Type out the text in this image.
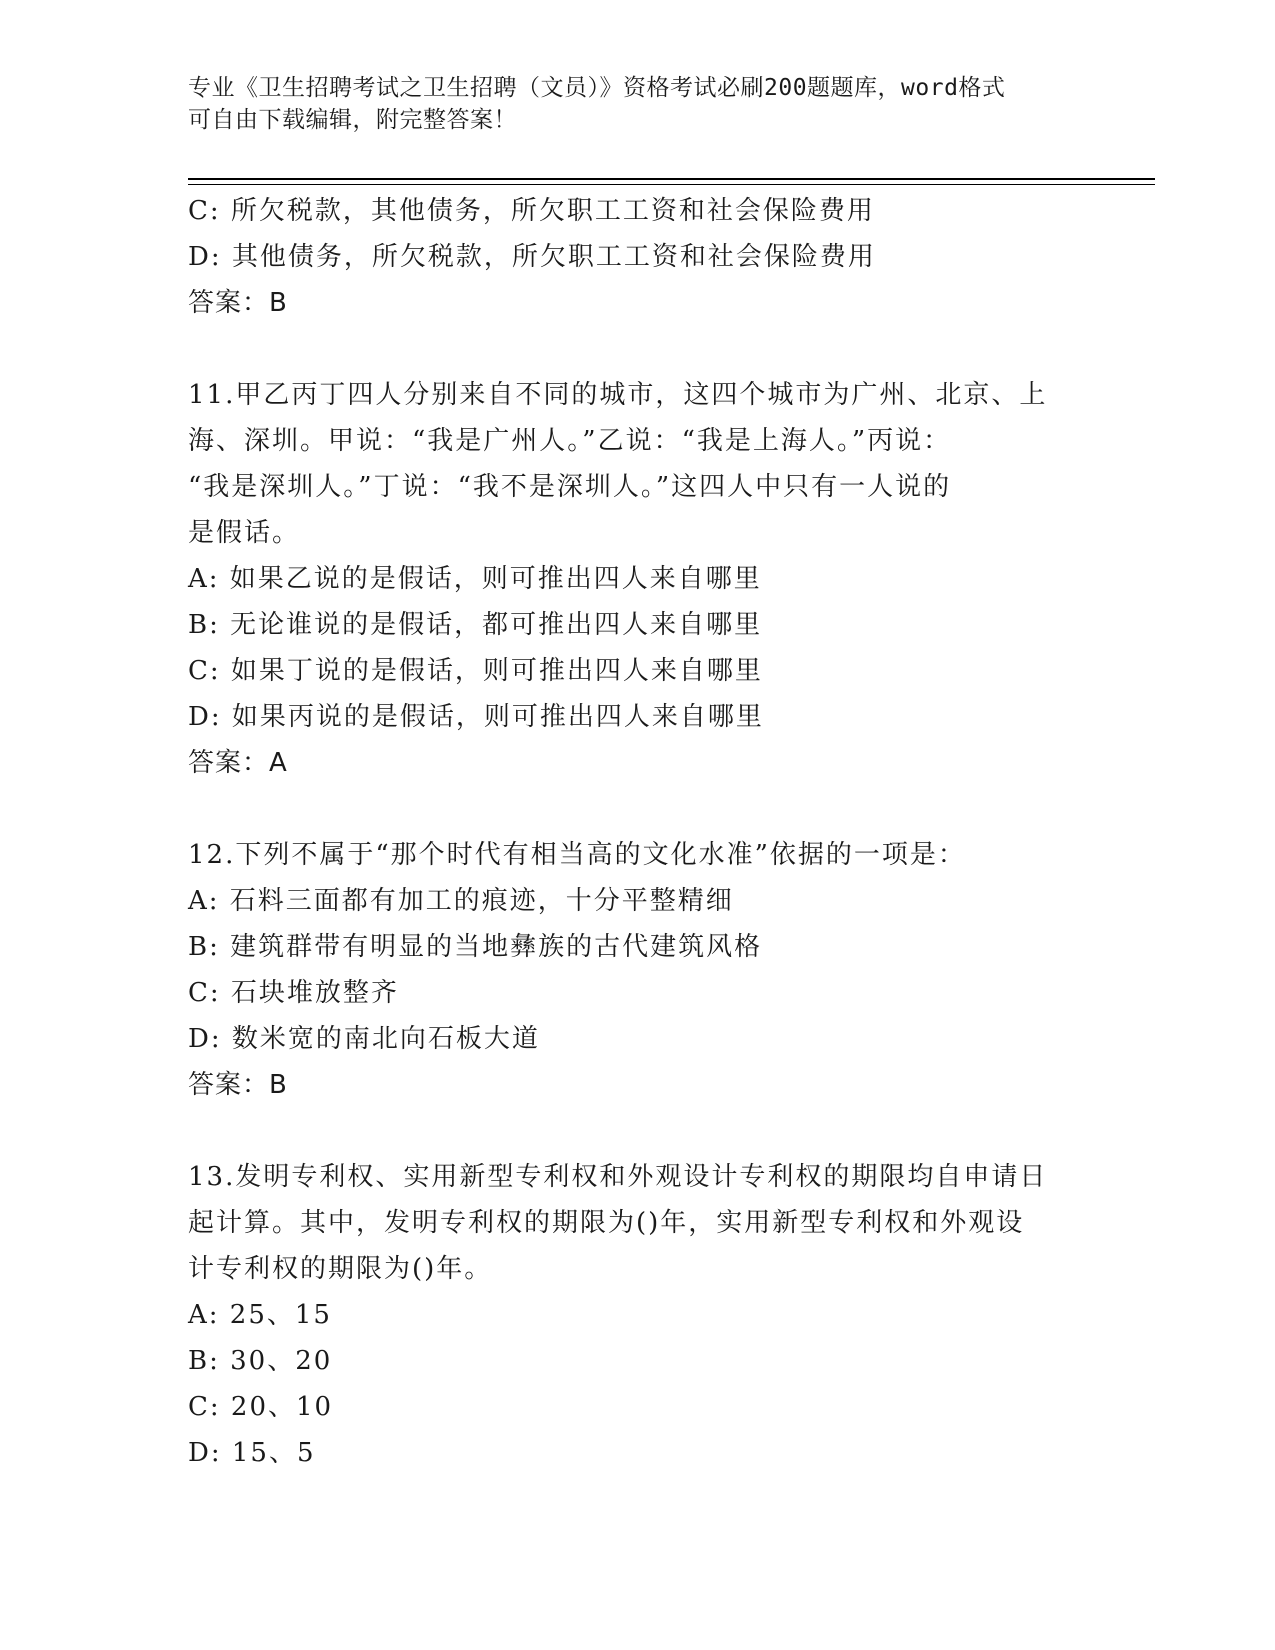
专业《卫生招聘考试之卫生招聘（文员）》资格考试必刷200题题库，word格式
可自由下载编辑，附完整答案！
C: 所欠税款，其他债务，所欠职工工资和社会保险费用
D: 其他债务，所欠税款，所欠职工工资和社会保险费用
答案：B
11.甲乙丙丁四人分别来自不同的城市，这四个城市为广州、北京、上
海、深圳。甲说：“我是广州人。”乙说：“我是上海人。”丙说：
“我是深圳人。”丁说：“我不是深圳人。”这四人中只有一人说的
是假话。
A: 如果乙说的是假话，则可推出四人来自哪里
B: 无论谁说的是假话，都可推出四人来自哪里
C: 如果丁说的是假话，则可推出四人来自哪里
D: 如果丙说的是假话，则可推出四人来自哪里
答案：A
12.下列不属于“那个时代有相当高的文化水准”依据的一项是：
A: 石料三面都有加工的痕迹，十分平整精细
B: 建筑群带有明显的当地彝族的古代建筑风格
C: 石块堆放整齐
D: 数米宽的南北向石板大道
答案：B
13.发明专利权、实用新型专利权和外观设计专利权的期限均自申请日
起计算。其中，发明专利权的期限为()年，实用新型专利权和外观设
计专利权的期限为()年。
A: 25、15
B: 30、20
C: 20、10
D: 15、5
